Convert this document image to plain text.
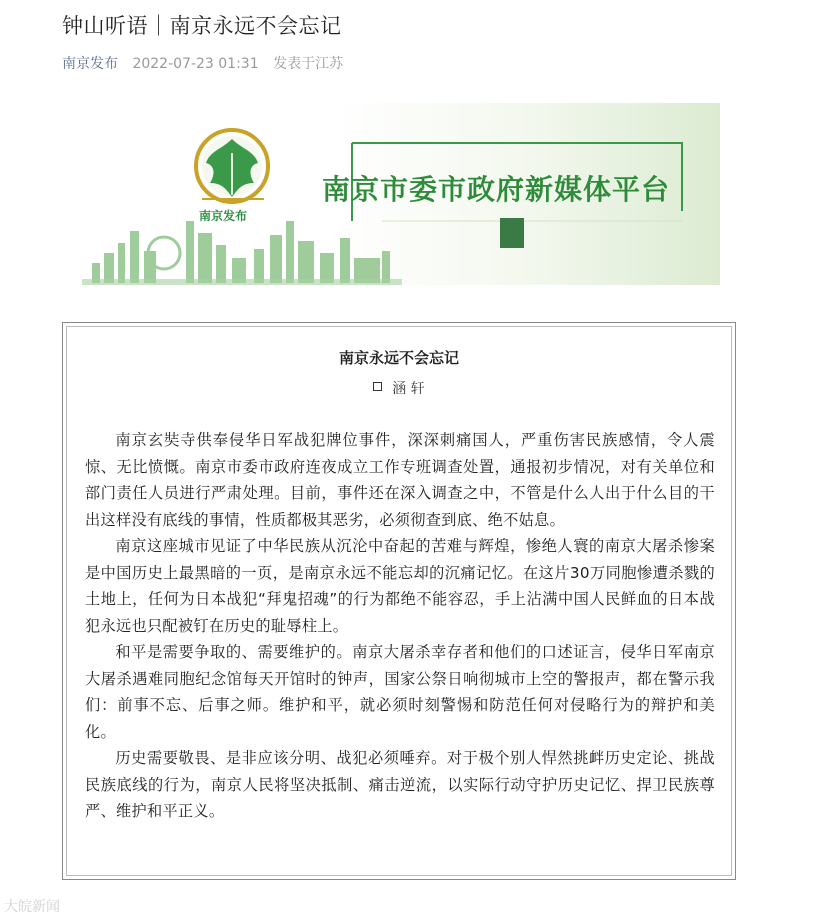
钟山听语｜南京永远不会忘记
南京发布 2022-07-23 01:31 发表于江苏
南京发布
南京市委市政府新媒体平台
南京永远不会忘记
涵 轩

南京玄奘寺供奉侵华日军战犯牌位事件，深深刺痛国人，严重伤害民族感情，令人震惊、无比愤慨。南京市委市政府连夜成立工作专班调查处置，通报初步情况，对有关单位和部门责任人员进行严肃处理。目前，事件还在深入调查之中，不管是什么人出于什么目的干出这样没有底线的事情，性质都极其恶劣，必须彻查到底、绝不姑息。

南京这座城市见证了中华民族从沉沦中奋起的苦难与辉煌，惨绝人寰的南京大屠杀惨案是中国历史上最黑暗的一页，是南京永远不能忘却的沉痛记忆。在这片30万同胞惨遭杀戮的土地上，任何为日本战犯“拜鬼招魂”的行为都绝不能容忍，手上沾满中国人民鲜血的日本战犯永远也只配被钉在历史的耻辱柱上。

和平是需要争取的、需要维护的。南京大屠杀幸存者和他们的口述证言，侵华日军南京大屠杀遇难同胞纪念馆每天开馆时的钟声，国家公祭日响彻城市上空的警报声，都在警示我们：前事不忘、后事之师。维护和平，就必须时刻警惕和防范任何对侵略行为的辩护和美化。

历史需要敬畏、是非应该分明、战犯必须唾弃。对于极个别人悍然挑衅历史定论、挑战民族底线的行为，南京人民将坚决抵制、痛击逆流，以实际行动守护历史记忆、捍卫民族尊严、维护和平正义。

大皖新闻
